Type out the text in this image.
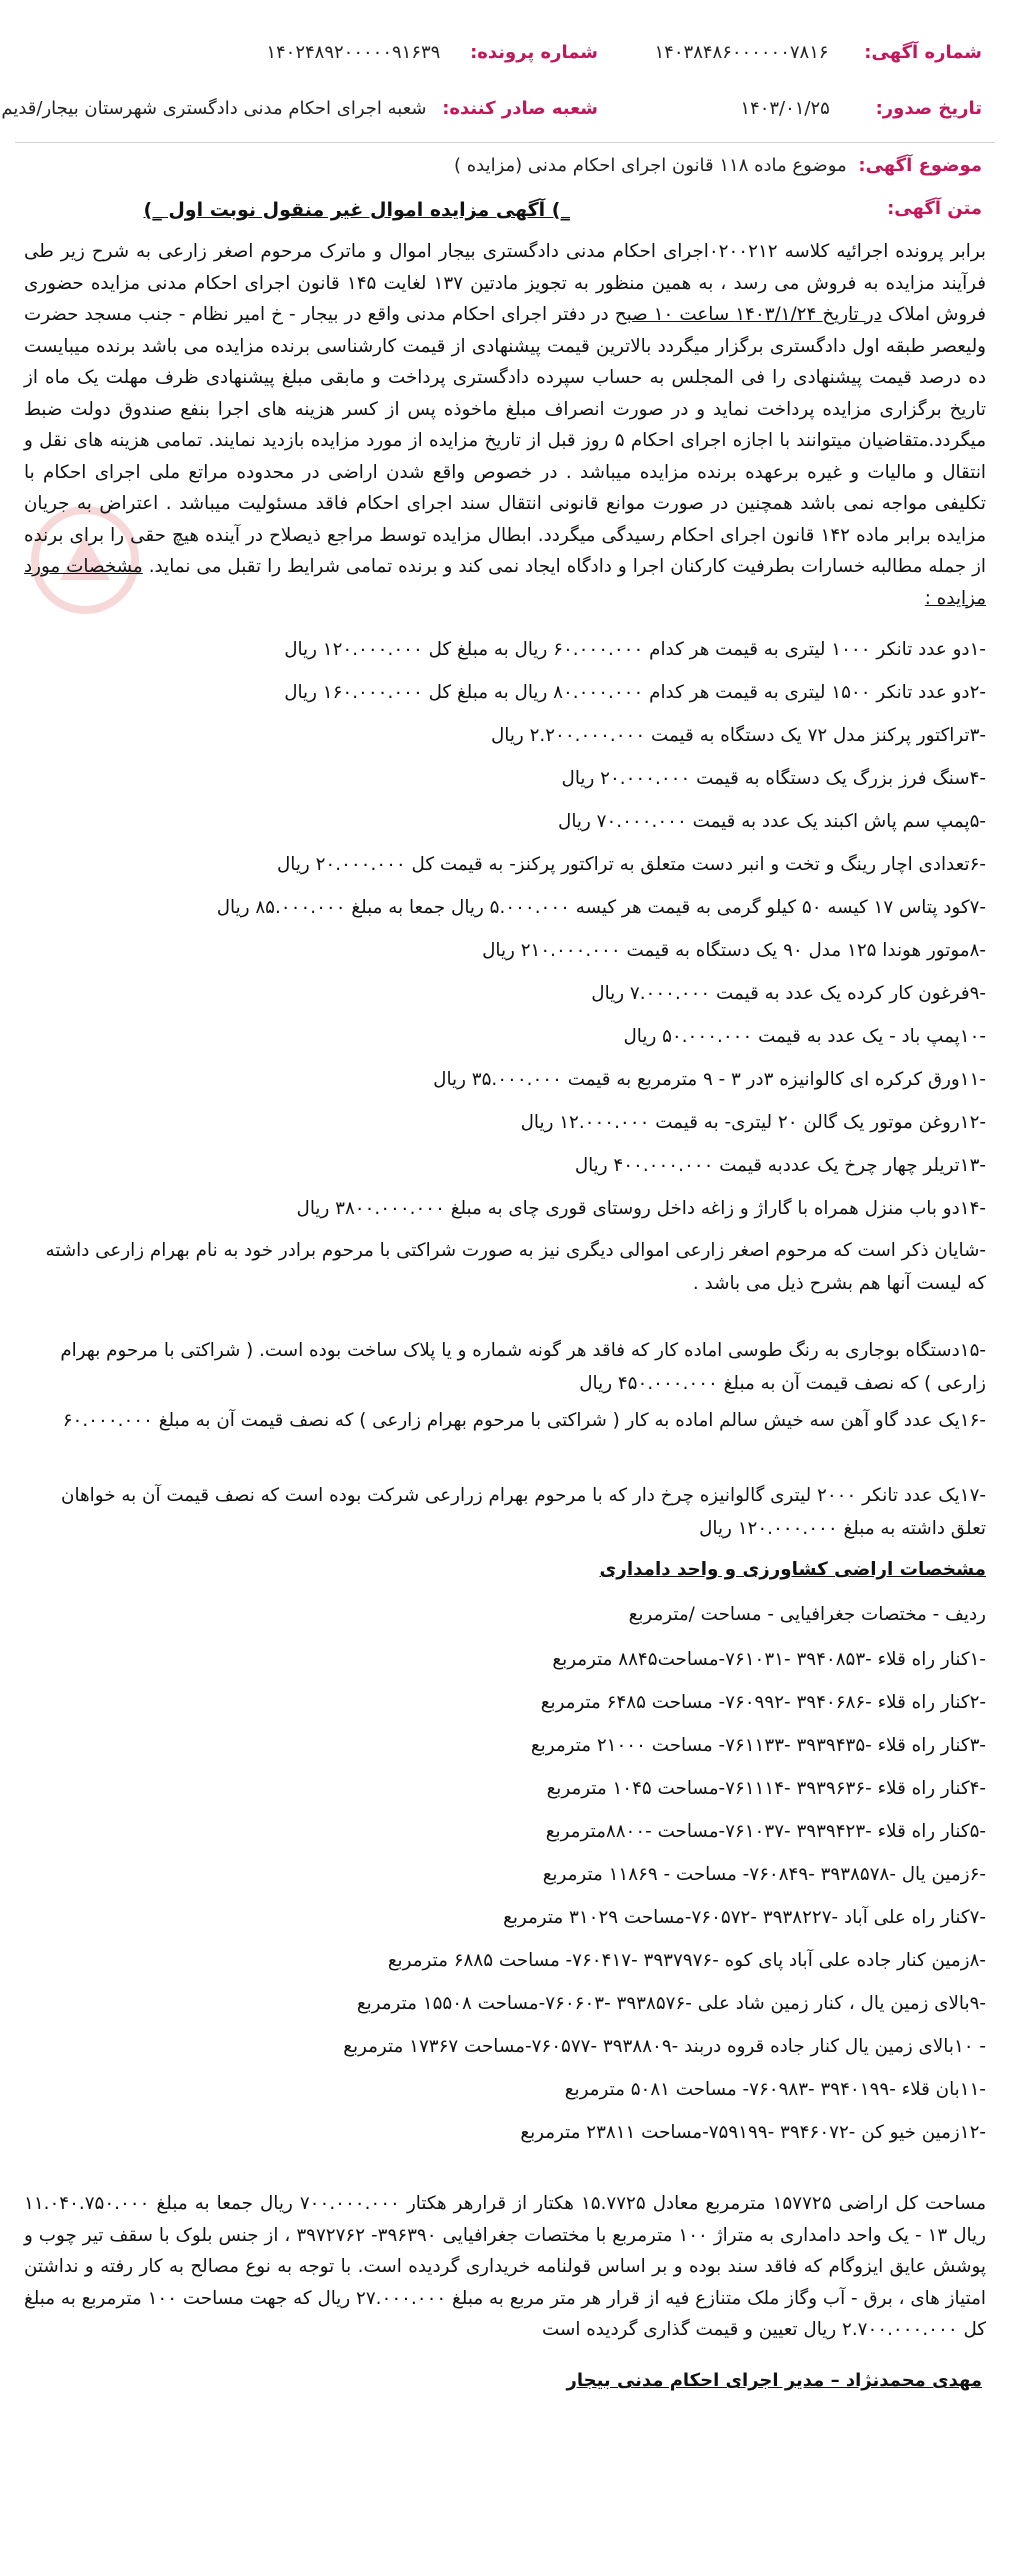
شماره آگهی: ۱۴۰۳۸۴۸۶۰۰۰۰۰۰۷۸۱۶
شماره پرونده: ۱۴۰۲۴۸۹۲۰۰۰۰۰۹۱۶۳۹
تاریخ صدور: ۱۴۰۳/۰۱/۲۵
شعبه صادر کننده: شعبه اجرای احکام مدنی دادگستری شهرستان بیجار/قدیم
موضوع آگهی: موضوع ماده ۱۱۸ قانون اجرای احکام مدنی (مزایده )
متن آگهی:
_) آگهی مزایده اموال غیر منقول نوبت اول _)
برابر پرونده اجرائیه کلاسه ۰۲۰۰۲۱۲اجرای احکام مدنی دادگستری بیجار اموال و ماترک مرحوم اصغر زارعی به شرح زیر طی فرآیند مزایده به فروش می رسد ، به همین منظور به تجویز مادتین ۱۳۷ لغایت ۱۴۵ قانون اجرای احکام مدنی مزایده حضوری فروش املاک در تاریخ ۱۴۰۳/۱/۲۴ ساعت ۱۰ صبح در دفتر اجرای احکام مدنی واقع در بیجار - خ امیر نظام - جنب مسجد حضرت ولیعصر طبقه اول دادگستری برگزار میگردد بالاترین قیمت پیشنهادی از قیمت کارشناسی برنده مزایده می باشد برنده میبایست ده درصد قیمت پیشنهادی را فی المجلس به حساب سپرده دادگستری پرداخت و مابقی مبلغ پیشنهادی ظرف مهلت یک ماه از تاریخ برگزاری مزایده پرداخت نماید و در صورت انصراف مبلغ ماخوذه پس از کسر هزینه های اجرا بنفع صندوق دولت ضبط میگردد.متقاضیان میتوانند با اجازه اجرای احکام ۵ روز قبل از تاریخ مزایده از مورد مزایده بازدید نمایند. تمامی هزینه های نقل و انتقال و مالیات و غیره برعهده برنده مزایده میباشد . در خصوص واقع شدن اراضی در محدوده مراتع ملی اجرای احکام با تکلیفی مواجه نمی باشد همچنین در صورت موانع قانونی انتقال سند اجرای احکام فاقد مسئولیت میباشد . اعتراض به جریان مزایده برابر ماده ۱۴۲ قانون اجرای احکام رسیدگی میگردد. ابطال مزایده توسط مراجع ذیصلاح در آینده هیچ حقی را برای برنده از جمله مطالبه خسارات بطرفیت کارکنان اجرا و دادگاه ایجاد نمی کند و برنده تمامی شرایط را تقبل می نماید. مشخصات مورد مزایده :
-۱دو عدد تانکر ۱۰۰۰ لیتری به قیمت هر کدام ۶۰.۰۰۰.۰۰۰ ریال به مبلغ کل ۱۲۰.۰۰۰.۰۰۰ ریال
-۲دو عدد تانکر ۱۵۰۰ لیتری به قیمت هر کدام ۸۰.۰۰۰.۰۰۰ ریال به مبلغ کل ۱۶۰.۰۰۰.۰۰۰ ریال
-۳تراکتور پرکنز مدل ۷۲ یک دستگاه به قیمت ۲.۲۰۰.۰۰۰.۰۰۰ ریال
-۴سنگ فرز بزرگ یک دستگاه به قیمت ۲۰.۰۰۰.۰۰۰ ریال
-۵پمپ سم پاش اکبند یک عدد به قیمت ۷۰.۰۰۰.۰۰۰ ریال
-۶تعدادی اچار رینگ و تخت و انبر دست متعلق به تراکتور پرکنز- به قیمت کل ۲۰.۰۰۰.۰۰۰ ریال
-۷کود پتاس ۱۷ کیسه ۵۰ کیلو گرمی به قیمت هر کیسه ۵.۰۰۰.۰۰۰ ریال جمعا به مبلغ ۸۵.۰۰۰.۰۰۰ ریال
-۸موتور هوندا ۱۲۵ مدل ۹۰ یک دستگاه به قیمت ۲۱۰.۰۰۰.۰۰۰ ریال
-۹فرغون کار کرده یک عدد به قیمت ۷.۰۰۰.۰۰۰ ریال
-۱۰پمپ باد - یک عدد به قیمت ۵۰.۰۰۰.۰۰۰ ریال
-۱۱ورق کرکره ای کالوانیزه ۳در ۳ - ۹ مترمربع به قیمت ۳۵.۰۰۰.۰۰۰ ریال
-۱۲روغن موتور یک گالن ۲۰ لیتری- به قیمت ۱۲.۰۰۰.۰۰۰ ریال
-۱۳تریلر چهار چرخ یک عددبه قیمت ۴۰۰.۰۰۰.۰۰۰ ریال
-۱۴دو باب منزل همراه با گاراژ و زاغه داخل روستای قوری چای به مبلغ ۳۸۰۰.۰۰۰.۰۰۰ ریال
-شایان ذکر است که مرحوم اصغر زارعی اموالی دیگری نیز به صورت شراکتی با مرحوم برادر خود به نام بهرام زارعی داشته که لیست آنها هم بشرح ذیل می باشد .
-۱۵دستگاه بوجاری به رنگ طوسی اماده کار که فاقد هر گونه شماره و یا پلاک ساخت بوده است. ( شراکتی با مرحوم بهرام زارعی ) که نصف قیمت آن به مبلغ ۴۵۰.۰۰۰.۰۰۰ ریال
-۱۶یک عدد گاو آهن سه خیش سالم اماده به کار ( شراکتی با مرحوم بهرام زارعی ) که نصف قیمت آن به مبلغ ۶۰.۰۰۰.۰۰۰
-۱۷یک عدد تانکر ۲۰۰۰ لیتری گالوانیزه چرخ دار که با مرحوم بهرام زرارعی شرکت بوده است که نصف قیمت آن به خواهان تعلق داشته به مبلغ ۱۲۰.۰۰۰.۰۰۰ ریال
مشخصات اراضی کشاورزی و واحد دامداری
ردیف - مختصات جغرافیایی - مساحت /مترمربع
-۱کنار راه قلاء -۳۹۴۰۸۵۳ -۷۶۱۰۳۱-مساحت۸۸۴۵ مترمربع
-۲کنار راه قلاء -۳۹۴۰۶۸۶ -۷۶۰۹۹۲- مساحت ۶۴۸۵ مترمربع
-۳کنار راه قلاء -۳۹۳۹۴۳۵ -۷۶۱۱۳۳- مساحت ۲۱۰۰۰ مترمربع
-۴کنار راه قلاء -۳۹۳۹۶۳۶ -۷۶۱۱۱۴-مساحت ۱۰۴۵ مترمربع
-۵کنار راه قلاء -۳۹۳۹۴۲۳ -۷۶۱۰۳۷-مساحت -۸۸۰۰مترمربع
-۶زمین یال -۳۹۳۸۵۷۸ -۷۶۰۸۴۹- مساحت - ۱۱۸۶۹ مترمربع
-۷کنار راه علی آباد -۳۹۳۸۲۲۷ -۷۶۰۵۷۲-مساحت ۳۱۰۲۹ مترمربع
-۸زمین کنار جاده علی آباد پای کوه -۳۹۳۷۹۷۶ -۷۶۰۴۱۷- مساحت ۶۸۸۵ مترمربع
-۹بالای زمین یال ، کنار زمین شاد علی -۳۹۳۸۵۷۶ -۷۶۰۶۰۳-مساحت ۱۵۵۰۸ مترمربع
- ۱۰بالای زمین یال کنار جاده قروه دربند -۳۹۳۸۸۰۹ -۷۶۰۵۷۷-مساحت ۱۷۳۶۷ مترمربع
-۱۱بان قلاء -۳۹۴۰۱۹۹ -۷۶۰۹۸۳- مساحت ۵۰۸۱ مترمربع
-۱۲زمین خیو کن -۳۹۴۶۰۷۲ -۷۵۹۱۹۹-مساحت ۲۳۸۱۱ مترمربع
مساحت کل اراضی ۱۵۷۷۲۵ مترمربع معادل ۱۵.۷۷۲۵ هکتار از قرارهر هکتار ۷۰۰.۰۰۰.۰۰۰ ریال جمعا به مبلغ ۱۱.۰۴۰.۷۵۰.۰۰۰ ریال ۱۳ - یک واحد دامداری به متراژ ۱۰۰ مترمربع با مختصات جغرافیایی ۳۹۶۳۹۰- ۳۹۷۲۷۶۲ ، از جنس بلوک با سقف تیر چوب و پوشش عایق ایزوگام که فاقد سند بوده و بر اساس قولنامه خریداری گردیده است. با توجه به نوع مصالح به کار رفته و نداشتن امتیاز های ، برق - آب وگاز ملک متنازع فیه از قرار هر متر مربع به مبلغ ۲۷.۰۰۰.۰۰۰ ریال که جهت مساحت ۱۰۰ مترمربع به مبلغ کل ۲.۷۰۰.۰۰۰.۰۰۰ ریال تعیین و قیمت گذاری گردیده است
مهدی محمدنژاد – مدیر اجرای احکام مدنی بیجار
